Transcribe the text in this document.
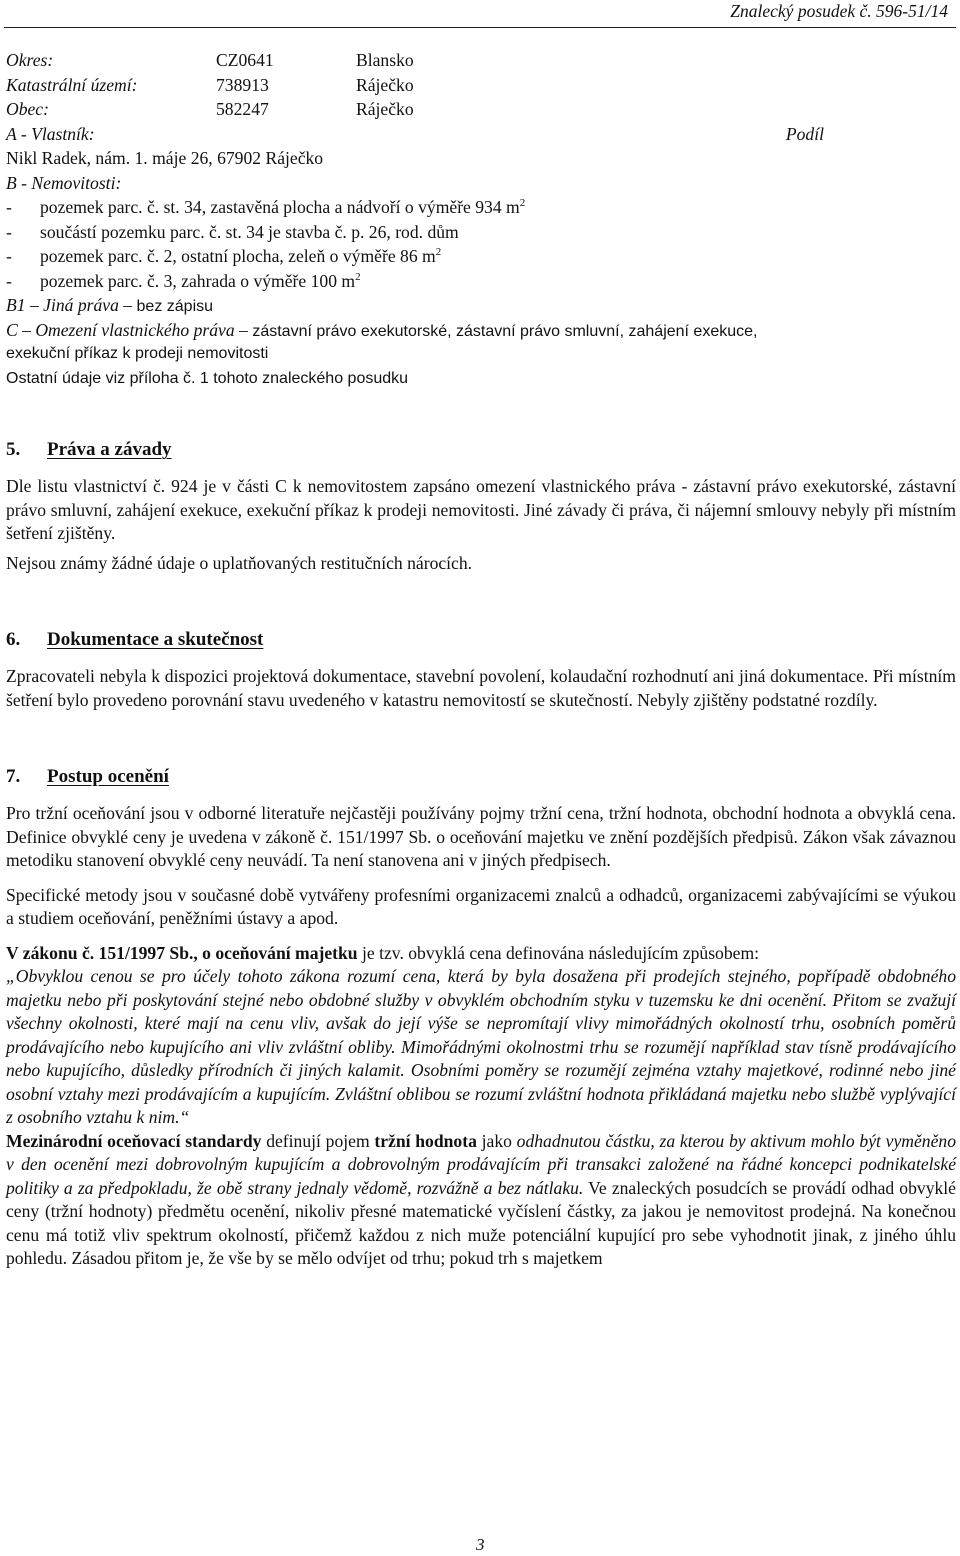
Znalecký posudek č. 596-51/14
Okres:	CZ0641	Blansko
Katastrální území:	738913	Ráječko
Obec:	582247	Ráječko
A - Vlastník:	Podíl
Nikl Radek, nám. 1. máje 26, 67902 Ráječko
B - Nemovitosti:
- pozemek parc. č. st. 34, zastavěná plocha a nádvoří o výměře 934 $m^2$
- součástí pozemku parc. č. st. 34 je stavba č. p. 26, rod. dům
- pozemek parc. č. 2, ostatní plocha, zeleň o výměře 86 $m^2$
- pozemek parc. č. 3, zahrada o výměře 100 $m^2$
B1 – Jiná práva – bez zápisu
C – Omezení vlastnického práva – zástavní právo exekutorské, zástavní právo smluvní, zahájení exekuce,
exekuční příkaz k prodeji nemovitosti
Ostatní údaje viz příloha č. 1 tohoto znaleckého posudku
5. Práva a závady

Dle listu vlastnictví č. 924 je v části C k nemovitostem zapsáno omezení vlastnického práva - zástavní právo exekutorské, zástavní právo smluvní, zahájení exekuce, exekuční příkaz k prodeji nemovitosti. Jiné závady či práva, či nájemní smlouvy nebyly při místním šetření zjištěny.

Nejsou známy žádné údaje o uplatňovaných restitučních nárocích.

6. Dokumentace a skutečnost

Zpracovateli nebyla k dispozici projektová dokumentace, stavební povolení, kolaudační rozhodnutí ani jiná dokumentace. Při místním šetření bylo provedeno porovnání stavu uvedeného v katastru nemovitostí se skutečností. Nebyly zjištěny podstatné rozdíly.

7. Postup ocenění

Pro tržní oceňování jsou v odborné literatuře nejčastěji používány pojmy tržní cena, tržní hodnota, obchodní hodnota a obvyklá cena. Definice obvyklé ceny je uvedena v zákoně č. 151/1997 Sb. o oceňování majetku ve znění pozdějších předpisů. Zákon však závaznou metodiku stanovení obvyklé ceny neuvádí. Ta není stanovena ani v jiných předpisech.

Specifické metody jsou v současné době vytvářeny profesními organizacemi znalců a odhadců, organizacemi zabývajícími se výukou a studiem oceňování, peněžními ústavy a apod.

V zákonu č. 151/1997 Sb., o oceňování majetku je tzv. obvyklá cena definována následujícím způsobem:

„Obvyklou cenou se pro účely tohoto zákona rozumí cena, která by byla dosažena při prodejích stejného, popřípadě obdobného majetku nebo při poskytování stejné nebo obdobné služby v obvyklém obchodním styku v tuzemsku ke dni ocenění. Přitom se zvažují všechny okolnosti, které mají na cenu vliv, avšak do její výše se nepromítají vlivy mimořádných okolností trhu, osobních poměrů prodávajícího nebo kupujícího ani vliv zvláštní obliby. Mimořádnými okolnostmi trhu se rozumějí například stav tísně prodávajícího nebo kupujícího, důsledky přírodních či jiných kalamit. Osobními poměry se rozumějí zejména vztahy majetkové, rodinné nebo jiné osobní vztahy mezi prodávajícím a kupujícím. Zvláštní oblibou se rozumí zvláštní hodnota přikládaná majetku nebo službě vyplývající z osobního vztahu k nim.“

Mezinárodní oceňovací standardy definují pojem tržní hodnota jako odhadnutou částku, za kterou by aktivum mohlo být vyměněno v den ocenění mezi dobrovolným kupujícím a dobrovolným prodávajícím při transakci založené na řádné koncepci podnikatelské politiky a za předpokladu, že obě strany jednaly vědomě, rozvážně a bez nátlaku. Ve znaleckých posudcích se provádí odhad obvyklé ceny (tržní hodnoty) předmětu ocenění, nikoliv přesné matematické vyčíslení částky, za jakou je nemovitost prodejná. Na konečnou cenu má totiž vliv spektrum okolností, přičemž každou z nich muže potenciální kupující pro sebe vyhodnotit jinak, z jiného úhlu pohledu. Zásadou přitom je, že vše by se mělo odvíjet od trhu; pokud trh s majetkem

3
